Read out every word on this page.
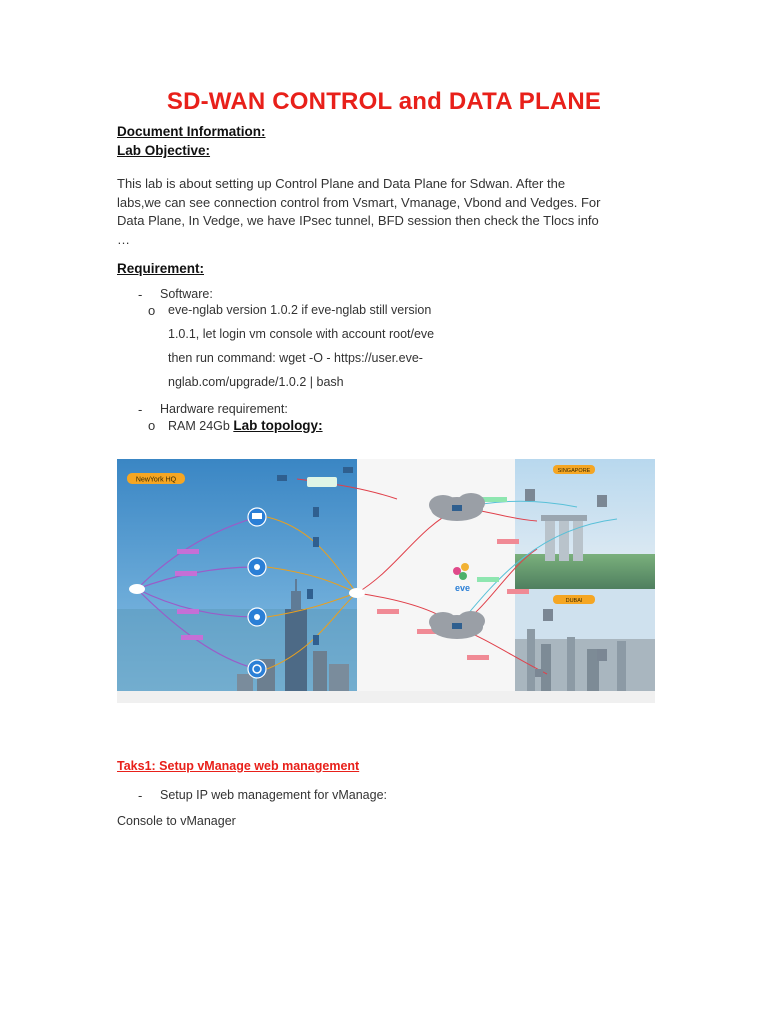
SD-WAN CONTROL and DATA PLANE
Document Information:
Lab Objective:
This lab is about setting up Control Plane and Data Plane for Sdwan. After the
labs,we can see connection control from Vsmart, Vmanage, Vbond and Vedges. For
Data Plane, In Vedge, we have IPsec tunnel, BFD session then check the Tlocs info
…
Requirement:
- Software:
o eve-nglab version 1.0.2 if eve-nglab still version
1.0.1, let login vm console with account root/eve
then run command: wget -O - https://user.eve-
nglab.com/upgrade/1.0.2 | bash
- Hardware requirement:
o RAM 24Gb Lab topology:
NewYork HQ
SINGAPORE
DUBAI
eve
Taks1: Setup vManage web management
- Setup IP web management for vManage:
Console to vManager
